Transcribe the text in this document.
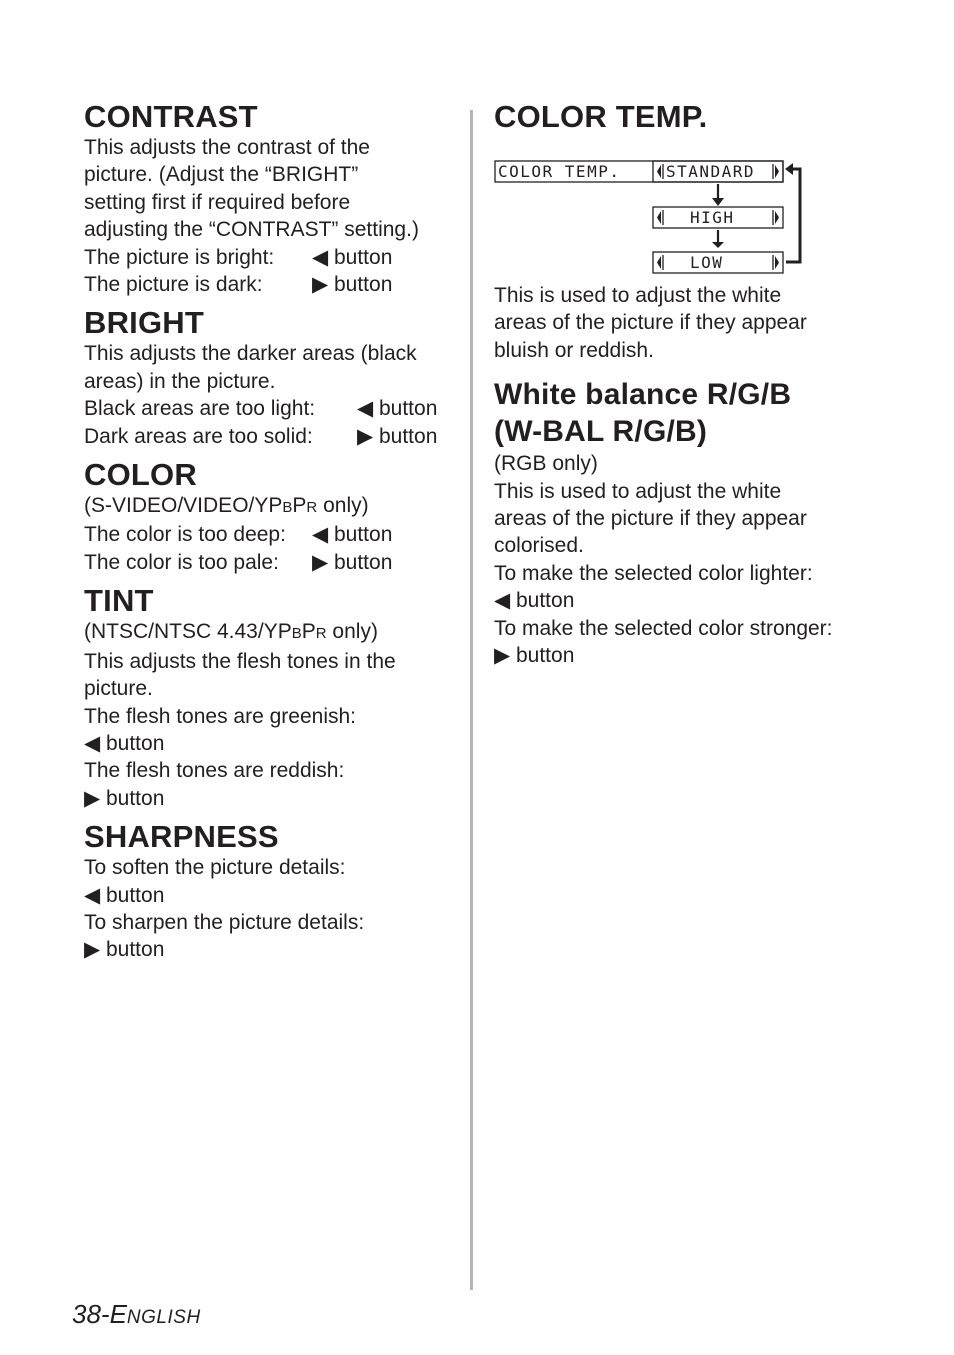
CONTRAST

This adjusts the contrast of the

picture. (Adjust the “BRIGHT”

setting first if required before

adjusting the “CONTRAST” setting.)

The picture is bright:	◀ button

The picture is dark:	▶ button

BRIGHT

This adjusts the darker areas (black

areas) in the picture.

Black areas are too light:	◀ button

Dark areas are too solid:	▶ button

COLOR

(S-VIDEO/VIDEO/YPBPR only)

The color is too deep:	◀ button

The color is too pale:	▶ button

TINT

(NTSC/NTSC 4.43/YPBPR only)

This adjusts the flesh tones in the

picture.

The flesh tones are greenish:

◀ button

The flesh tones are reddish:

▶ button

SHARPNESS

To soften the picture details:

◀ button

To sharpen the picture details:

▶ button

COLOR TEMP.
COLOR TEMP.	STANDARD
HIGH
LOW

This is used to adjust the white

areas of the picture if they appear

bluish or reddish.

White balance R/G/B
(W-BAL R/G/B)

(RGB only)

This is used to adjust the white

areas of the picture if they appear

colorised.

To make the selected color lighter:

◀ button

To make the selected color stronger:

▶ button

38-ENGLISH
